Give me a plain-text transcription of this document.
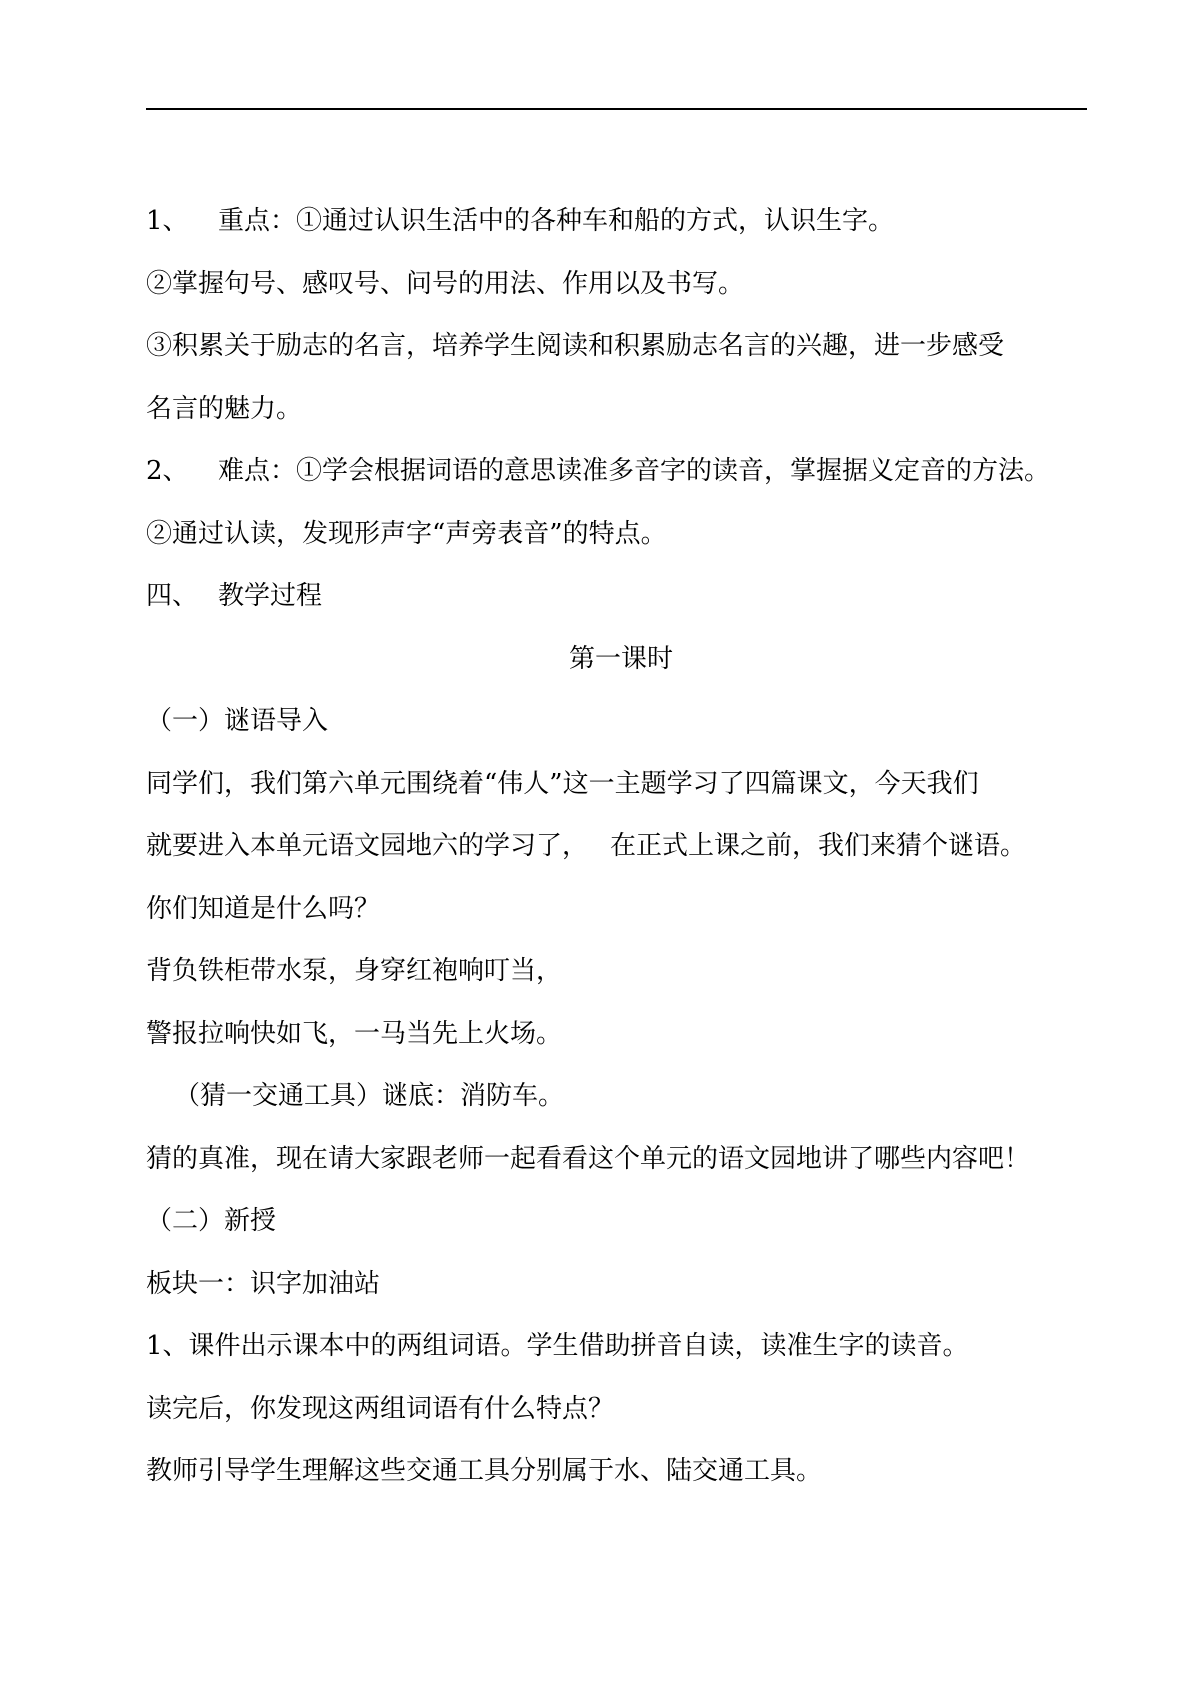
1、 重点：①通过认识生活中的各种车和船的方式，认识生字。
②掌握句号、感叹号、问号的用法、作用以及书写。
③积累关于励志的名言，培养学生阅读和积累励志名言的兴趣，进一步感受
名言的魅力。
2、 难点：①学会根据词语的意思读准多音字的读音，掌握据义定音的方法。
②通过认读，发现形声字“声旁表音”的特点。
四、 教学过程
第一课时
（一）谜语导入
同学们，我们第六单元围绕着“伟人”这一主题学习了四篇课文，今天我们
就要进入本单元语文园地六的学习了， 在正式上课之前，我们来猜个谜语。
你们知道是什么吗？
背负铁柜带水泵，身穿红袍响叮当，
警报拉响快如飞，一马当先上火场。
（猜一交通工具）谜底：消防车。
猜的真准，现在请大家跟老师一起看看这个单元的语文园地讲了哪些内容吧！
（二）新授
板块一：识字加油站
1、课件出示课本中的两组词语。学生借助拼音自读，读准生字的读音。
读完后，你发现这两组词语有什么特点？
教师引导学生理解这些交通工具分别属于水、陆交通工具。
